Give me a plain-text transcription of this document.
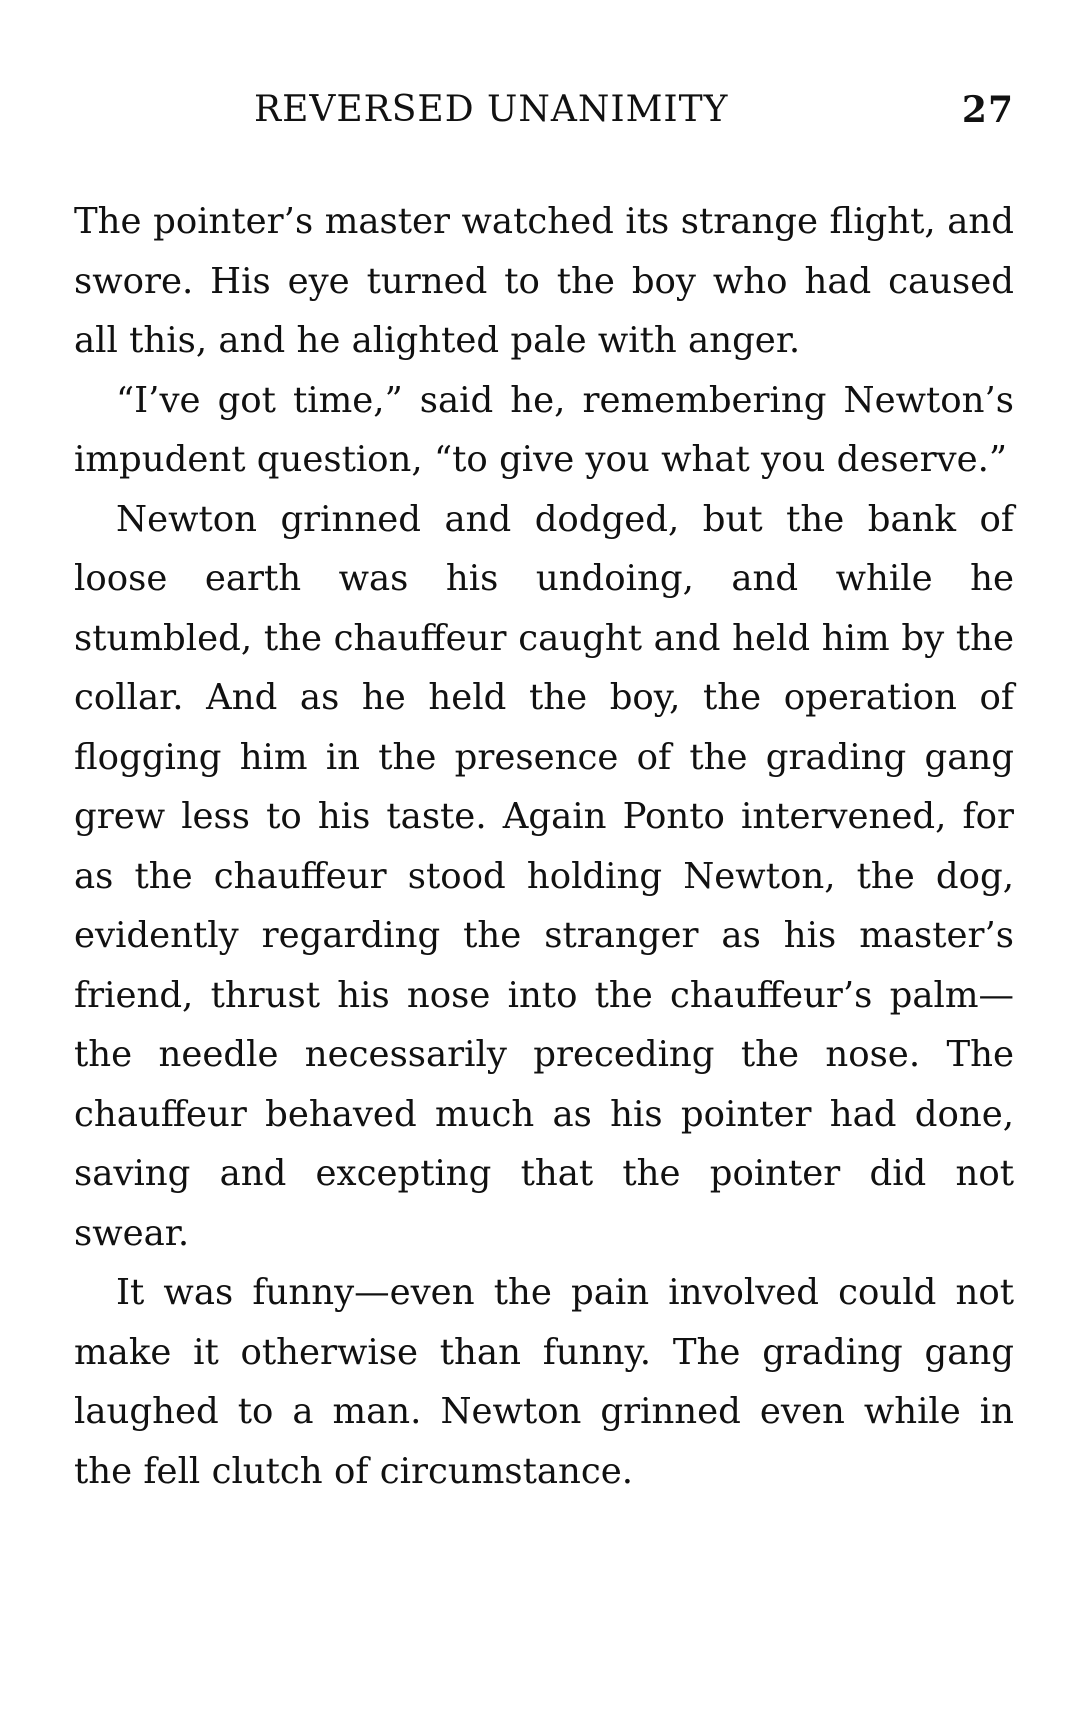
REVERSED UNANIMITY	27

The pointer’s master watched its strange flight, and swore. His eye turned to the boy who had caused all this, and he alighted pale with anger.

“I’ve got time,” said he, remembering Newton’s impudent question, “to give you what you deserve.”

Newton grinned and dodged, but the bank of loose earth was his undoing, and while he stumbled, the chauffeur caught and held him by the collar. And as he held the boy, the operation of flogging him in the presence of the grading gang grew less to his taste. Again Ponto intervened, for as the chauffeur stood holding Newton, the dog, evidently regarding the stranger as his master’s friend, thrust his nose into the chauffeur’s palm—the needle necessarily preceding the nose. The chauffeur behaved much as his pointer had done, saving and excepting that the pointer did not swear.

It was funny—even the pain involved could not make it otherwise than funny. The grading gang laughed to a man. Newton grinned even while in the fell clutch of circumstance.
